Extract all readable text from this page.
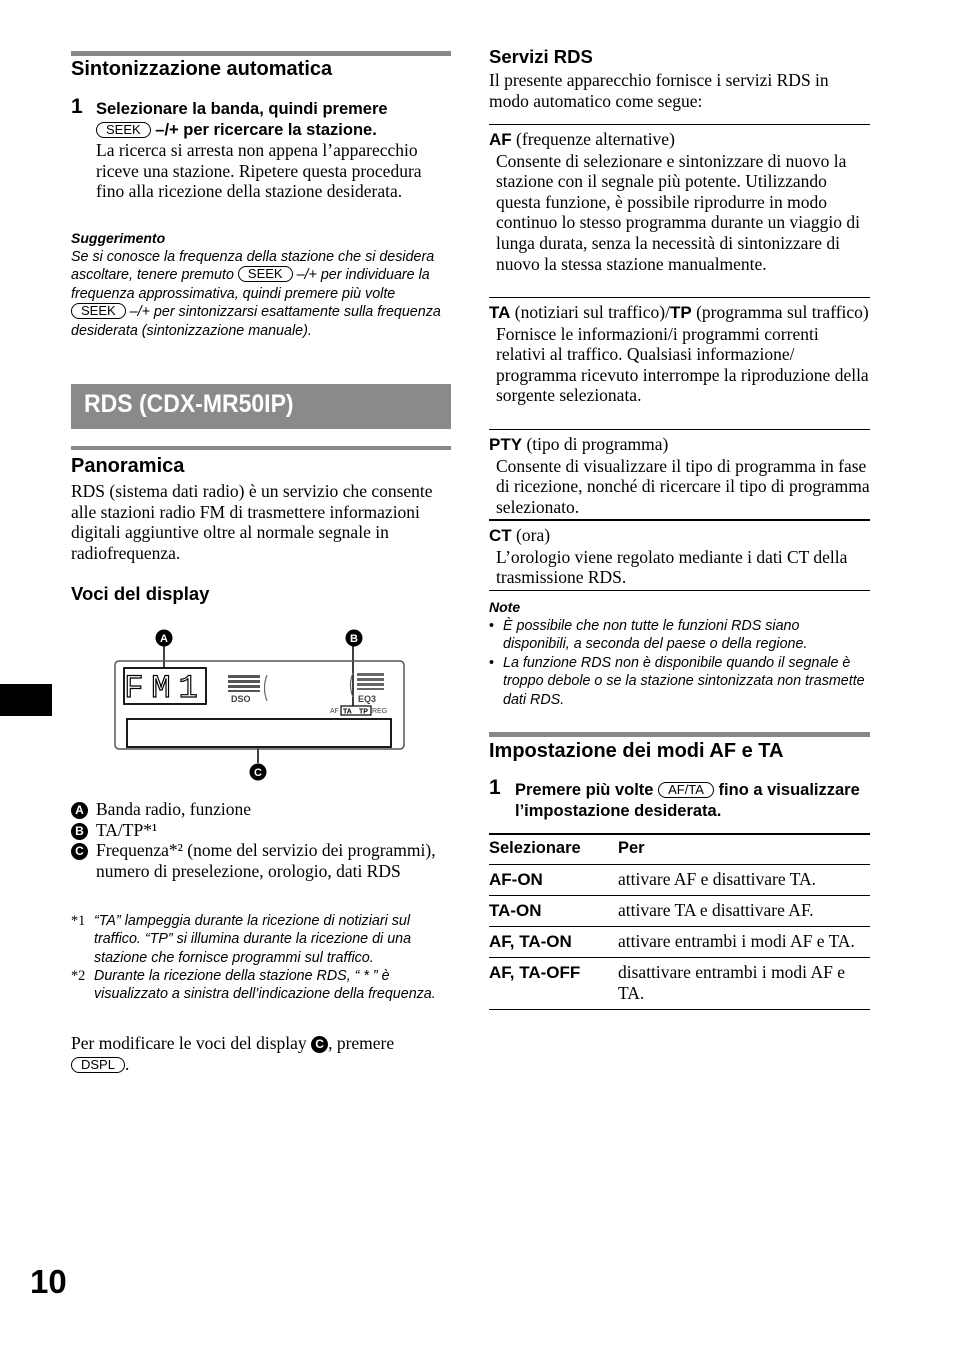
Sintonizzazione automatica
1 Selezionare la banda, quindi premere
SEEK –/+ per ricercare la stazione.
La ricerca si arresta non appena l’apparecchio riceve una stazione. Ripetere questa procedura fino alla ricezione della stazione desiderata.
Suggerimento
Se si conosce la frequenza della stazione che si desidera ascoltare, tenere premuto SEEK –/+ per individuare la frequenza approssimativa, quindi premere più volte SEEK –/+ per sintonizzarsi esattamente sulla frequenza desiderata (sintonizzazione manuale).
RDS (CDX-MR50IP)
Panoramica
RDS (sistema dati radio) è un servizio che consente alle stazioni radio FM di trasmettere informazioni digitali aggiuntive oltre al normale segnale in radiofrequenza.
Voci del display
FM1	DSO	EQ3
AF TA TP REG
A	B
C
A Banda radio, funzione
B TA/TP*¹
C Frequenza*² (nome del servizio dei programmi), numero di preselezione, orologio, dati RDS
*1 “TA” lampeggia durante la ricezione di notiziari sul traffico. “TP” si illumina durante la ricezione di una stazione che fornisce programmi sul traffico.
*2 Durante la ricezione della stazione RDS, “ * ” è visualizzato a sinistra dell’indicazione della frequenza.
Per modificare le voci del display C , premere
DSPL .
Servizi RDS
Il presente apparecchio fornisce i servizi RDS in modo automatico come segue:
AF (frequenze alternative)
Consente di selezionare e sintonizzare di nuovo la stazione con il segnale più potente. Utilizzando questa funzione, è possibile riprodurre in modo continuo lo stesso programma durante un viaggio di lunga durata, senza la necessità di sintonizzare di nuovo la stessa stazione manualmente.
TA (notiziari sul traffico)/TP (programma sul traffico)
Fornisce le informazioni/i programmi correnti relativi al traffico. Qualsiasi informazione/ programma ricevuto interrompe la riproduzione della sorgente selezionata.
PTY (tipo di programma)
Consente di visualizzare il tipo di programma in fase di ricezione, nonché di ricercare il tipo di programma selezionato.
CT (ora)
L’orologio viene regolato mediante i dati CT della trasmissione RDS.
Note
• È possibile che non tutte le funzioni RDS siano disponibili, a seconda del paese o della regione.
• La funzione RDS non è disponibile quando il segnale è troppo debole o se la stazione sintonizzata non trasmette dati RDS.
Impostazione dei modi AF e TA
1 Premere più volte AF/TA fino a visualizzare l’impostazione desiderata.
Selezionare	Per
AF-ON	attivare AF e disattivare TA.
TA-ON	attivare TA e disattivare AF.
AF, TA-ON	attivare entrambi i modi AF e TA.
AF, TA-OFF	disattivare entrambi i modi AF e TA.
10
